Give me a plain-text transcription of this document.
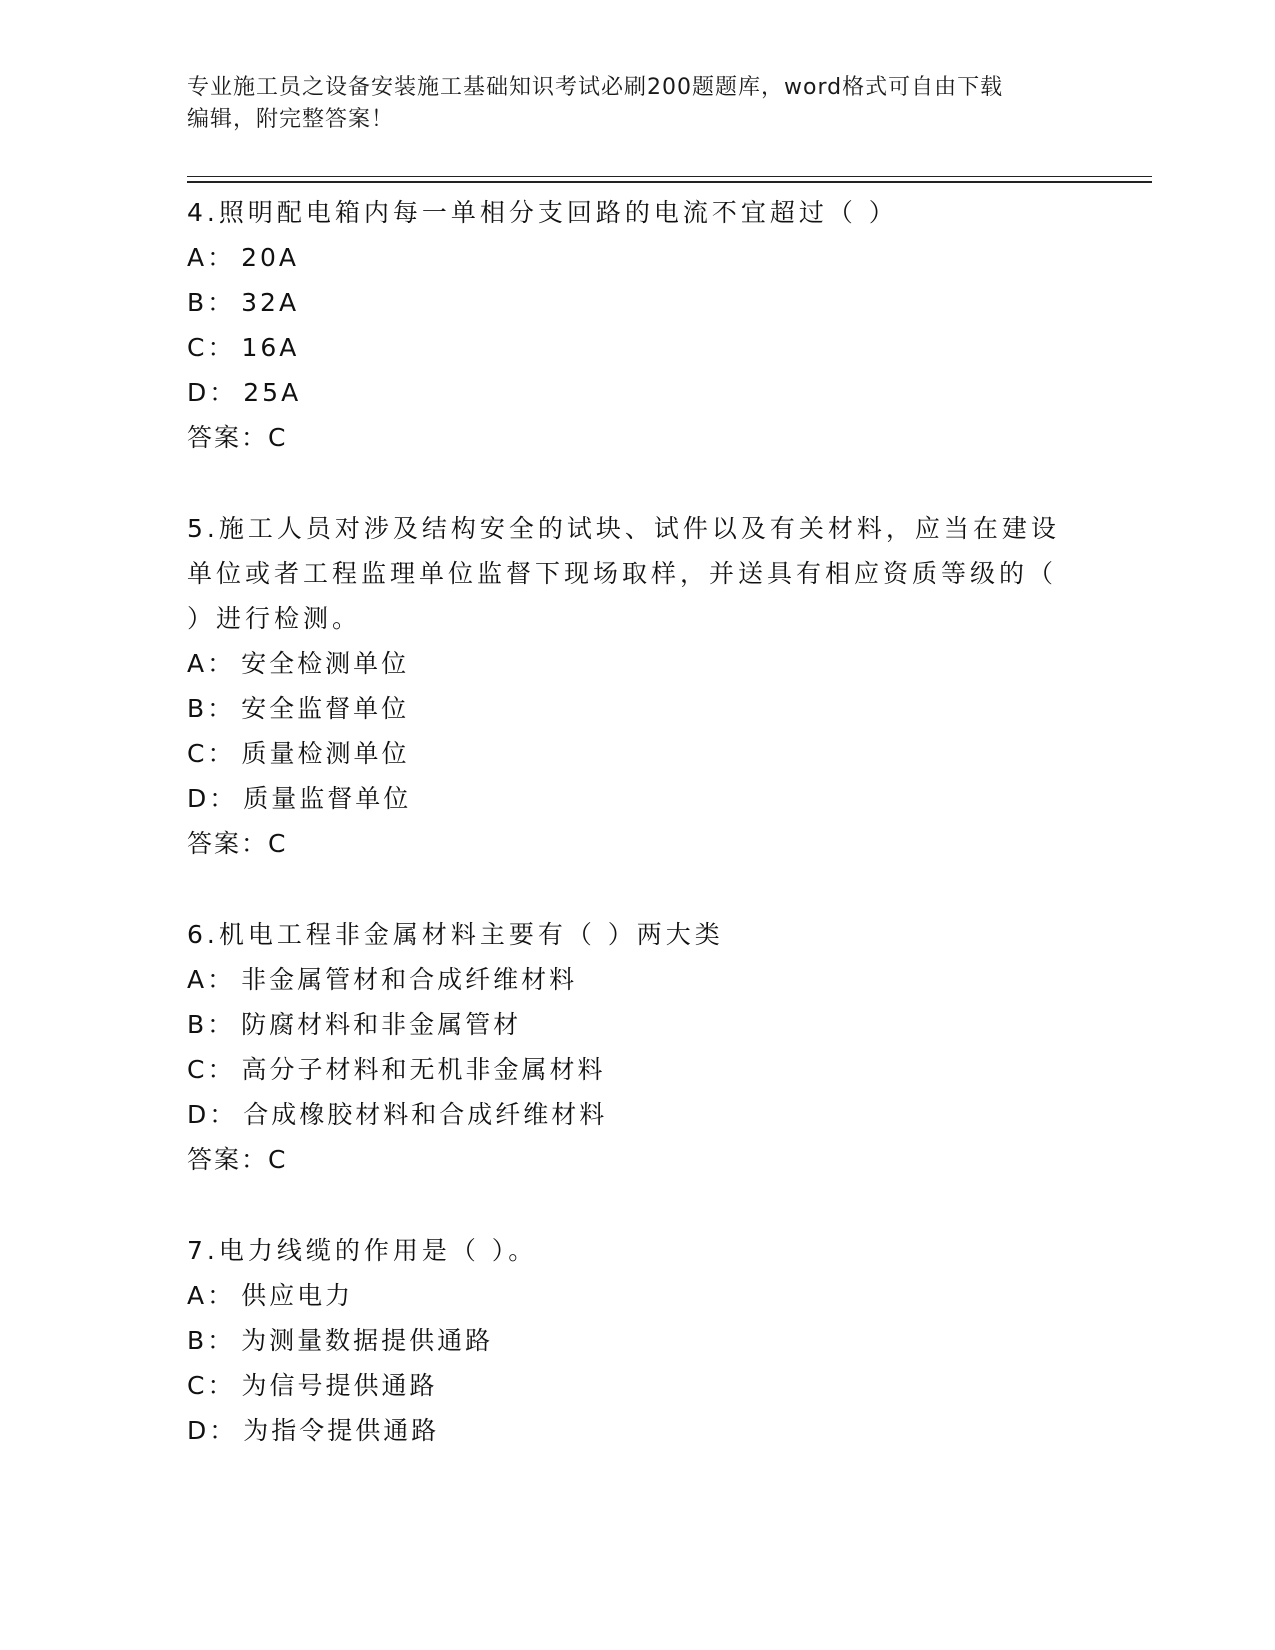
专业施工员之设备安装施工基础知识考试必刷200题题库，word格式可自由下载
编辑，附完整答案！

4.照明配电箱内每一单相分支回路的电流不宜超过（ ）

A： 20A

B： 32A

C： 16A

D： 25A

答案：C

5.施工人员对涉及结构安全的试块、试件以及有关材料，应当在建设单位或者工程监理单位监督下现场取样，并送具有相应资质等级的（ ）进行检测。

A： 安全检测单位

B： 安全监督单位

C： 质量检测单位

D： 质量监督单位

答案：C

6.机电工程非金属材料主要有（ ）两大类

A： 非金属管材和合成纤维材料

B： 防腐材料和非金属管材

C： 高分子材料和无机非金属材料

D： 合成橡胶材料和合成纤维材料

答案：C

7.电力线缆的作用是（ ）。

A： 供应电力

B： 为测量数据提供通路

C： 为信号提供通路

D： 为指令提供通路
